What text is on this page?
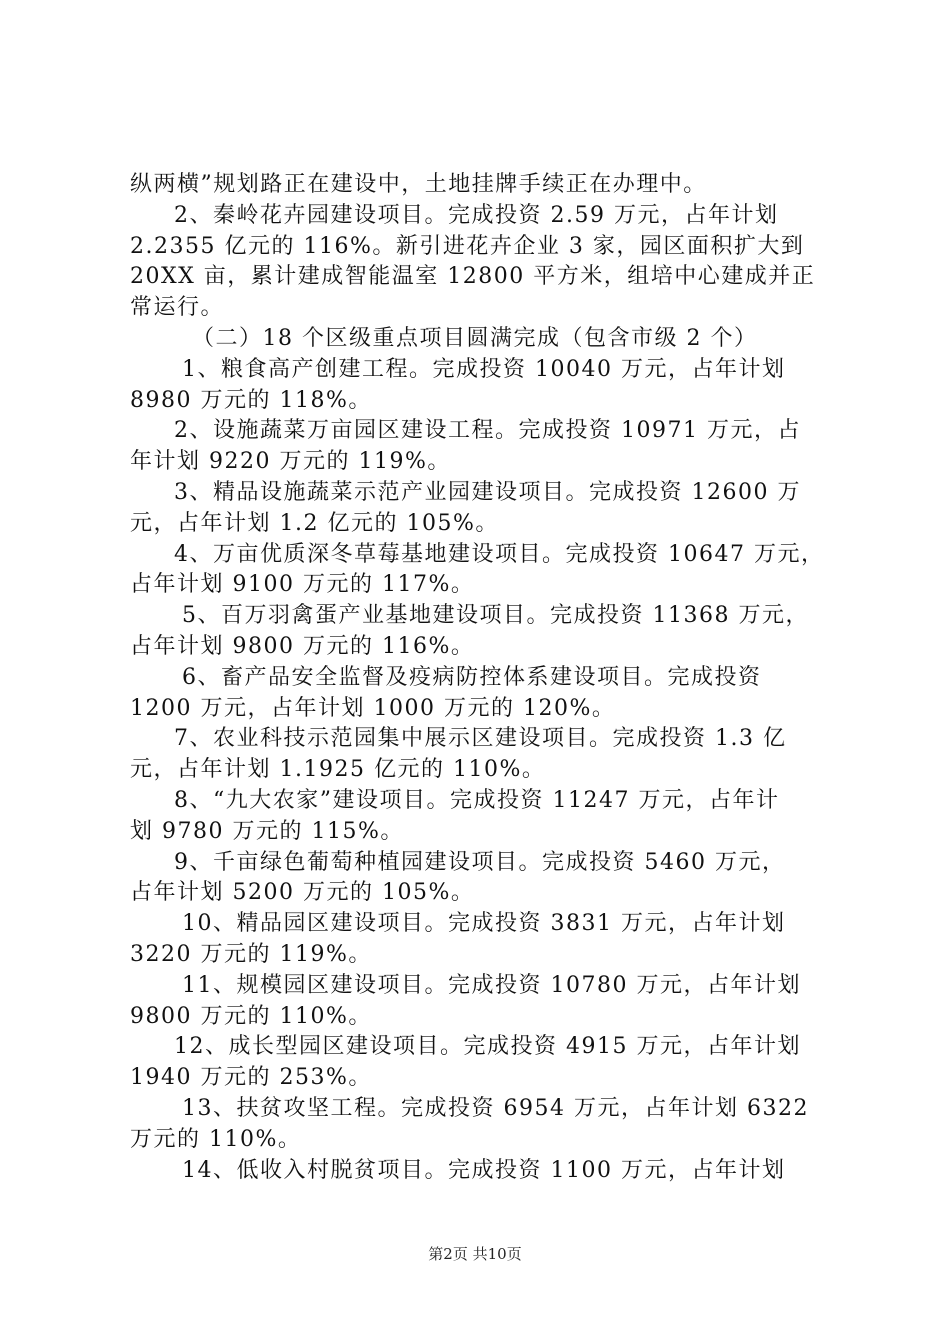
纵两横”规划路正在建设中，土地挂牌手续正在办理中。
2、秦岭花卉园建设项目。完成投资 2.59 万元，占年计划
2.2355 亿元的 116%。新引进花卉企业 3 家，园区面积扩大到
20XX 亩，累计建成智能温室 12800 平方米，组培中心建成并正
常运行。
（二）18 个区级重点项目圆满完成（包含市级 2 个）
1、粮食高产创建工程。完成投资 10040 万元，占年计划
8980 万元的 118%。
2、设施蔬菜万亩园区建设工程。完成投资 10971 万元，占
年计划 9220 万元的 119%。
3、精品设施蔬菜示范产业园建设项目。完成投资 12600 万
元，占年计划 1.2 亿元的 105%。
4、万亩优质深冬草莓基地建设项目。完成投资 10647 万元，
占年计划 9100 万元的 117%。
5、百万羽禽蛋产业基地建设项目。完成投资 11368 万元，
占年计划 9800 万元的 116%。
6、畜产品安全监督及疫病防控体系建设项目。完成投资
1200 万元，占年计划 1000 万元的 120%。
7、农业科技示范园集中展示区建设项目。完成投资 1.3 亿
元，占年计划 1.1925 亿元的 110%。
8、“九大农家”建设项目。完成投资 11247 万元，占年计
划 9780 万元的 115%。
9、千亩绿色葡萄种植园建设项目。完成投资 5460 万元，
占年计划 5200 万元的 105%。
10、精品园区建设项目。完成投资 3831 万元，占年计划
3220 万元的 119%。
11、规模园区建设项目。完成投资 10780 万元，占年计划
9800 万元的 110%。
12、成长型园区建设项目。完成投资 4915 万元，占年计划
1940 万元的 253%。
13、扶贫攻坚工程。完成投资 6954 万元，占年计划 6322
万元的 110%。
14、低收入村脱贫项目。完成投资 1100 万元，占年计划
第2页 共10页
